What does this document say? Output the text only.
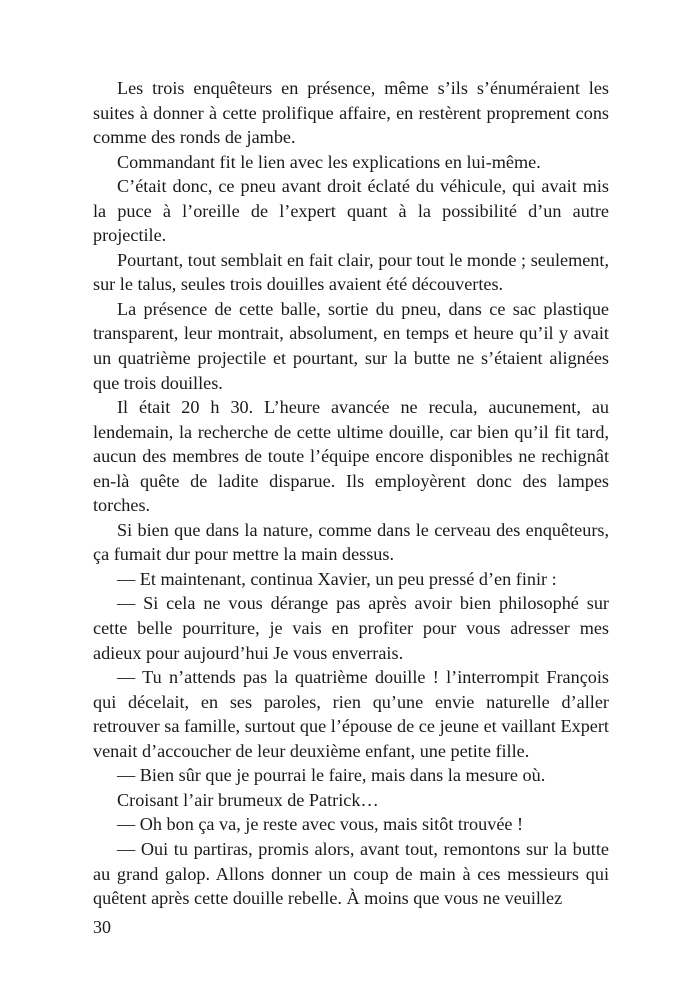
Les trois enquêteurs en présence, même s’ils s’énuméraient les suites à donner à cette prolifique affaire, en restèrent proprement cons comme des ronds de jambe.

Commandant fit le lien avec les explications en lui-même.

C’était donc, ce pneu avant droit éclaté du véhicule, qui avait mis la puce à l’oreille de l’expert quant à la possibilité d’un autre projectile.

Pourtant, tout semblait en fait clair, pour tout le monde ; seulement, sur le talus, seules trois douilles avaient été découvertes.

La présence de cette balle, sortie du pneu, dans ce sac plastique transparent, leur montrait, absolument, en temps et heure qu’il y avait un quatrième projectile et pourtant, sur la butte ne s’étaient alignées que trois douilles.

Il était 20 h 30. L’heure avancée ne recula, aucunement, au lendemain, la recherche de cette ultime douille, car bien qu’il fit tard, aucun des membres de toute l’équipe encore disponibles ne rechignât en-là quête de ladite disparue. Ils employèrent donc des lampes torches.

Si bien que dans la nature, comme dans le cerveau des enquêteurs, ça fumait dur pour mettre la main dessus.

— Et maintenant, continua Xavier, un peu pressé d’en finir :

— Si cela ne vous dérange pas après avoir bien philosophé sur cette belle pourriture, je vais en profiter pour vous adresser mes adieux pour aujourd’hui Je vous enverrais.

— Tu n’attends pas la quatrième douille ! l’interrompit François qui décelait, en ses paroles, rien qu’une envie naturelle d’aller retrouver sa famille, surtout que l’épouse de ce jeune et vaillant Expert venait d’accoucher de leur deuxième enfant, une petite fille.

— Bien sûr que je pourrai le faire, mais dans la mesure où.

Croisant l’air brumeux de Patrick…

— Oh bon ça va, je reste avec vous, mais sitôt trouvée !

— Oui tu partiras, promis alors, avant tout, remontons sur la butte au grand galop. Allons donner un coup de main à ces messieurs qui quêtent après cette douille rebelle. À moins que vous ne veuillez

30
